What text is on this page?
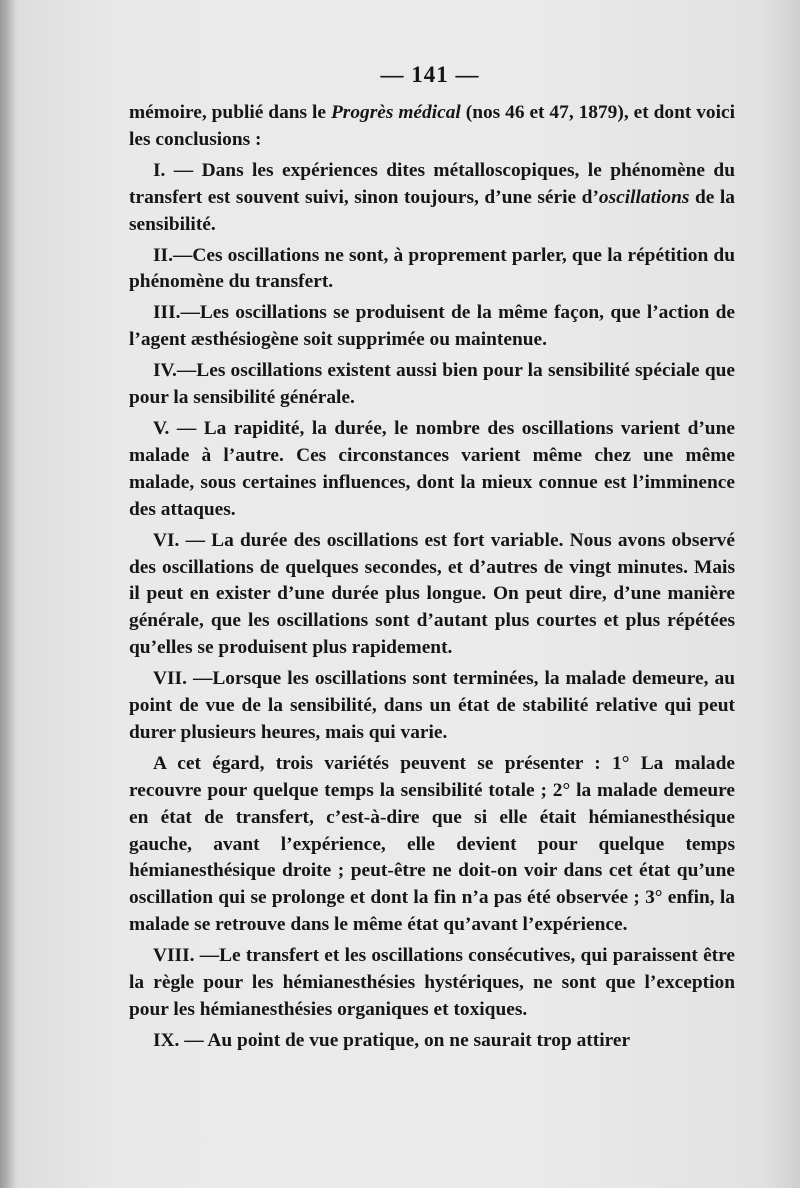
— 141 —

mémoire, publié dans le Progrès médical (nos 46 et 47, 1879), et dont voici les conclusions :

I. — Dans les expériences dites métalloscopiques, le phénomène du transfert est souvent suivi, sinon toujours, d’une série d’oscillations de la sensibilité.

II.—Ces oscillations ne sont, à proprement parler, que la répétition du phénomène du transfert.

III.—Les oscillations se produisent de la même façon, que l’action de l’agent æsthésiogène soit supprimée ou maintenue.

IV.—Les oscillations existent aussi bien pour la sensibilité spéciale que pour la sensibilité générale.

V. — La rapidité, la durée, le nombre des oscillations varient d’une malade à l’autre. Ces circonstances varient même chez une même malade, sous certaines influences, dont la mieux connue est l’imminence des attaques.

VI. — La durée des oscillations est fort variable. Nous avons observé des oscillations de quelques secondes, et d’autres de vingt minutes. Mais il peut en exister d’une durée plus longue. On peut dire, d’une manière générale, que les oscillations sont d’autant plus courtes et plus répétées qu’elles se produisent plus rapidement.

VII. —Lorsque les oscillations sont terminées, la malade demeure, au point de vue de la sensibilité, dans un état de stabilité relative qui peut durer plusieurs heures, mais qui varie.

A cet égard, trois variétés peuvent se présenter : 1° La malade recouvre pour quelque temps la sensibilité totale ; 2° la malade demeure en état de transfert, c’est-à-dire que si elle était hémianesthésique gauche, avant l’expérience, elle devient pour quelque temps hémianesthésique droite ; peut-être ne doit-on voir dans cet état qu’une oscillation qui se prolonge et dont la fin n’a pas été observée ; 3° enfin, la malade se retrouve dans le même état qu’avant l’expérience.

VIII. —Le transfert et les oscillations consécutives, qui paraissent être la règle pour les hémianesthésies hystériques, ne sont que l’exception pour les hémianesthésies organiques et toxiques.

IX. — Au point de vue pratique, on ne saurait trop attirer
